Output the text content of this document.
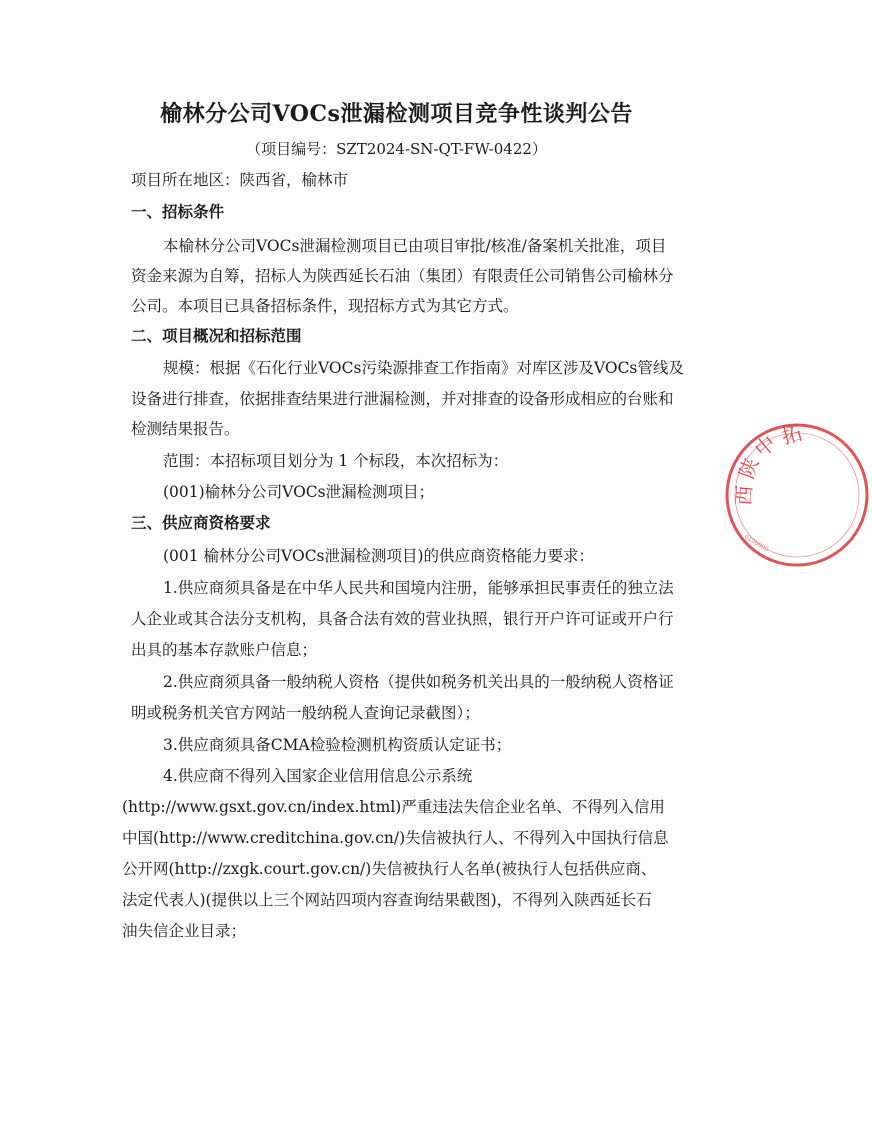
榆林分公司VOCs泄漏检测项目竞争性谈判公告
（项目编号：SZT2024-SN-QT-FW-0422）
项目所在地区：陕西省，榆林市
一、招标条件
本榆林分公司VOCs泄漏检测项目已由项目审批/核准/备案机关批准，项目
资金来源为自筹，招标人为陕西延长石油（集团）有限责任公司销售公司榆林分
公司。本项目已具备招标条件，现招标方式为其它方式。
二、项目概况和招标范围
规模：根据《石化行业VOCs污染源排查工作指南》对库区涉及VOCs管线及
设备进行排查，依据排查结果进行泄漏检测，并对排查的设备形成相应的台账和
检测结果报告。
范围：本招标项目划分为 1 个标段，本次招标为：
(001)榆林分公司VOCs泄漏检测项目；
三、供应商资格要求
(001 榆林分公司VOCs泄漏检测项目)的供应商资格能力要求：
1.供应商须具备是在中华人民共和国境内注册，能够承担民事责任的独立法
人企业或其合法分支机构，具备合法有效的营业执照，银行开户许可证或开户行
出具的基本存款账户信息；
2.供应商须具备一般纳税人资格（提供如税务机关出具的一般纳税人资格证
明或税务机关官方网站一般纳税人查询记录截图）；
3.供应商须具备CMA检验检测机构资质认定证书；
4.供应商不得列入国家企业信用信息公示系统
(http://www.gsxt.gov.cn/index.html)严重违法失信企业名单、不得列入信用
中国(http://www.creditchina.gov.cn/)失信被执行人、不得列入中国执行信息
公开网(http://zxgk.court.gov.cn/)失信被执行人名单(被执行人包括供应商、
法定代表人)(提供以上三个网站四项内容查询结果截图)，不得列入陕西延长石
油失信企业目录；
陕
西
中
拓
6100000
